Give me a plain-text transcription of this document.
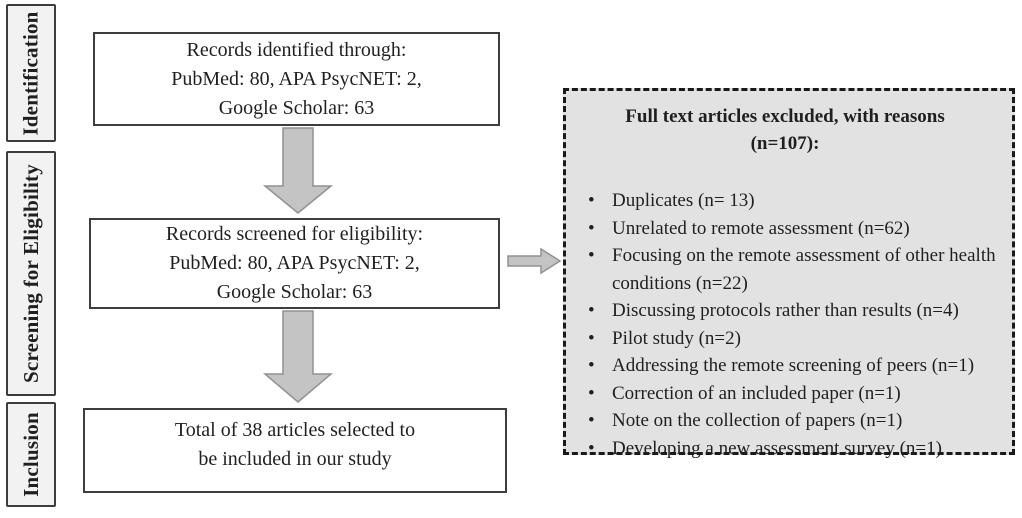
Identification
Screening for Eligibility
Inclusion
Records identified through:
PubMed: 80, APA PsycNET: 2,
Google Scholar: 63
Records screened for eligibility:
PubMed: 80, APA PsycNET: 2,
Google Scholar: 63
Total of 38 articles selected to
be included in our study
Full text articles excluded, with reasons
(n=107):
• Duplicates (n= 13)
• Unrelated to remote assessment (n=62)
• Focusing on the remote assessment of other health conditions (n=22)
• Discussing protocols rather than results (n=4)
• Pilot study (n=2)
• Addressing the remote screening of peers (n=1)
• Correction of an included paper (n=1)
• Note on the collection of papers (n=1)
• Developing a new assessment survey (n=1)
